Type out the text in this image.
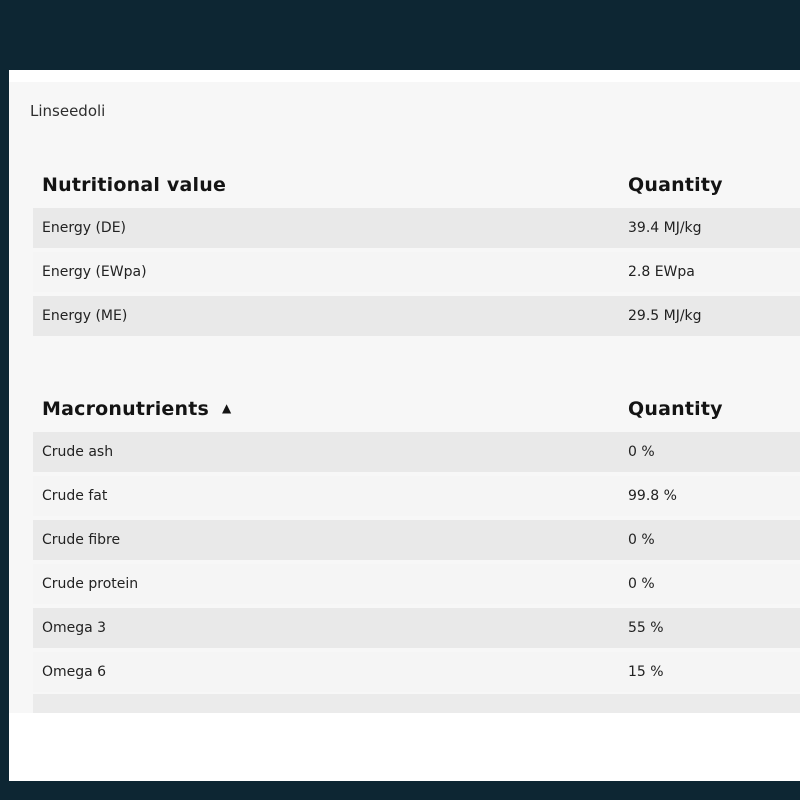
Linseedoli
Nutritional value	Quantity
Energy (DE)	39.4 MJ/kg
Energy (EWpa)	2.8 EWpa
Energy (ME)	29.5 MJ/kg
Macronutrients ▲	Quantity
Crude ash	0 %
Crude fat	99.8 %
Crude fibre	0 %
Crude protein	0 %
Omega 3	55 %
Omega 6	15 %
